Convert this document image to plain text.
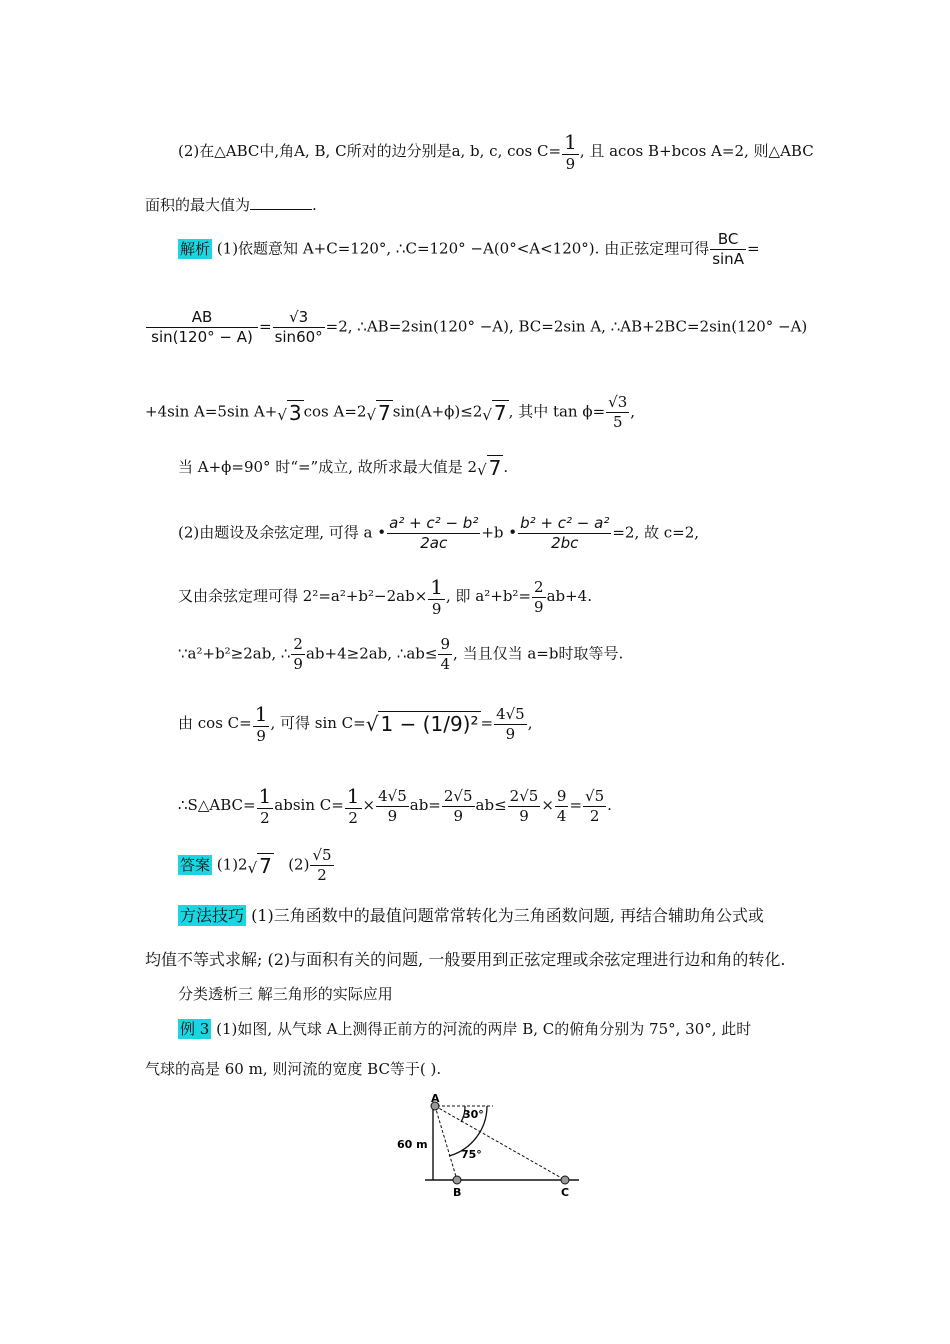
(2)在△ABC中,角A, B, C所对的边分别是a, b, c, $\cos C= \frac{1}{9}$ , 且 acos B+bcos A=2, 则△ABC
面积的最大值为	.
解析 (1)依题意知 A+C=120°, ∴C=120° −A(0°<A<120°). 由正弦定理可得 $\frac{BC}{\sin A}$ =
$\frac{AB}{\sin(120^\circ - A)} = \frac{√3}{\sin 60^\circ} =2$, ∴AB=2sin(120° −A), BC=2sin A, ∴AB+2BC=2sin(120° −A)
+4sin A=5sin A+√ 3 cos A=2√ 7 sin(A+ϕ)≤2√ 7 , 其中 $\tan \phi= \frac{√3}{5}$ ,
当 A+ϕ=90° 时“=”成立, 故所求最大值是 2√ 7 .
(2)由题设及余弦定理, 可得 a • $\frac{\text{a² + c² − b²}}{2ac} +b$ • $\frac{\text{b² + c² − a²}}{2bc} =2$, 故 c=2,
又由余弦定理可得 $2^2=a^2+b^2-2ab\times \frac{1}{9}$ , 即 $a^2+b^2= \frac{2}{9} ab+4$.
∵a²+b²≥2ab, ∴ $\frac{2}{9} ab+4\ge 2ab$, ∴ab≤ $\frac{9}{4}$ , 当且仅当 a=b时取等号.
由 $\cos C= \frac{1}{9}$ , 可得 sin C=√ $1 - (1/9)^2 = \frac{4√5}{9}$ ,
∴S△ABC= $\frac{1}{2}$ absin $C= \frac{1}{2} \times \frac{4√5}{9} ab= \frac{2√5}{9} ab\le \frac{2√5}{9} \times \frac{9}{4} = \frac{√5}{2}$ .
答案 (1)2√ 7 $(2) \frac{√5}{2}$
方法技巧 (1)三角函数中的最值问题常常转化为三角函数问题, 再结合辅助角公式或
均值不等式求解; (2)与面积有关的问题, 一般要用到正弦定理或余弦定理进行边和角的转化.
分类透析三 解三角形的实际应用
例 3 (1)如图, 从气球 A上测得正前方的河流的两岸 B, C的俯角分别为 75°, 30°, 此时
气球的高是 60 m, 则河流的宽度 BC等于( ).
A
B	C
60 m
30°
75°
